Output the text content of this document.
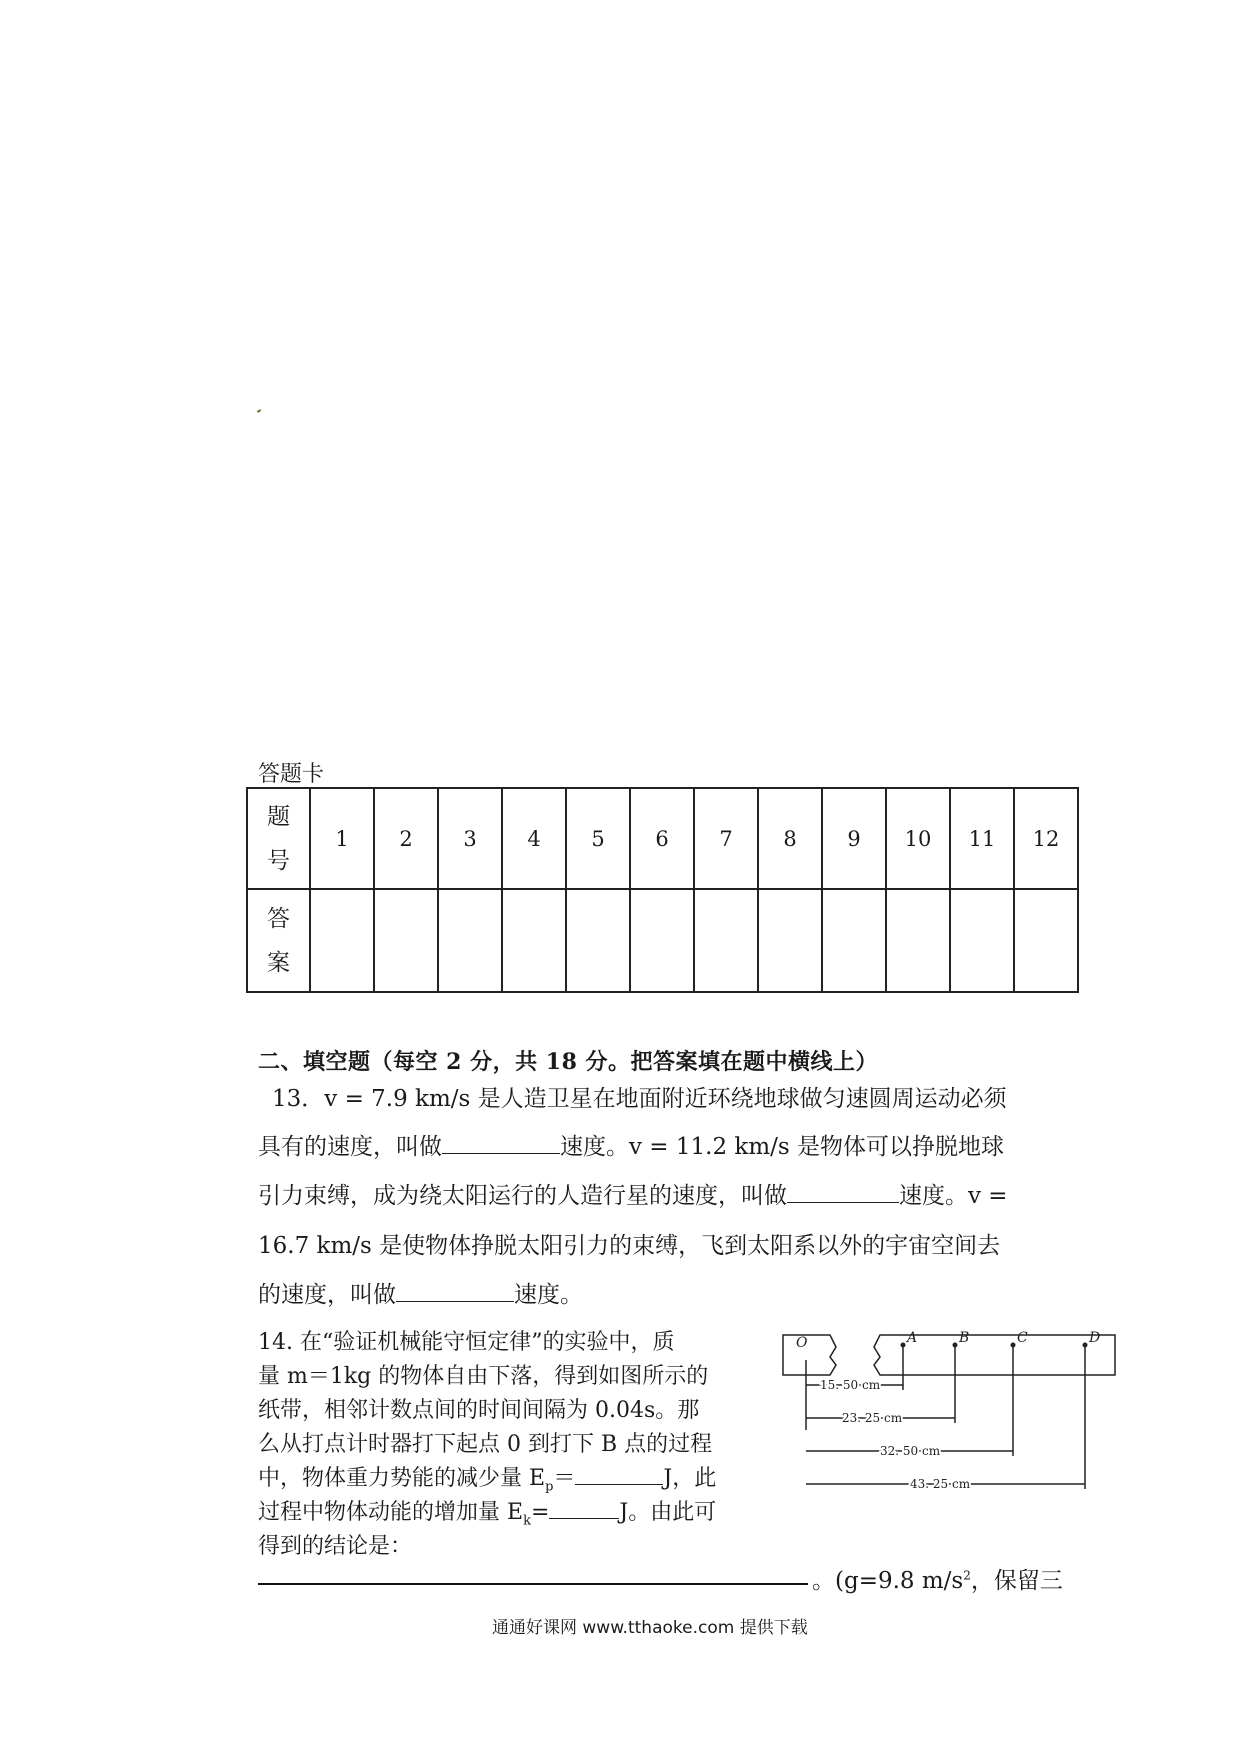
答题卡
题
号	1	2	3	4	5	6	7	8	9	10	11	12

答
案												

二、填空题（每空 2 分，共 18 分。把答案填在题中横线上）
13．v = 7.9 km/s 是人造卫星在地面附近环绕地球做匀速圆周运动必须
具有的速度，叫做	速度。v = 11.2 km/s 是物体可以挣脱地球
引力束缚，成为绕太阳运行的人造行星的速度，叫做	速度。v =
16.7 km/s 是使物体挣脱太阳引力的束缚，飞到太阳系以外的宇宙空间去
的速度，叫做	速度。
14. 在“验证机械能守恒定律”的实验中，质
量 m＝1kg 的物体自由下落，得到如图所示的
纸带，相邻计数点间的时间间隔为 0.04s。那
么从打点计时器打下起点 0 到打下 B 点的过程
中，物体重力势能的减少量 $E_p=$	J，此
过程中物体动能的增加量 $E_k=$	J。由此可
得到的结论是：
。(g=9.8 $m/s^2$，保留三
O	A	B	C	D
15. 50 cm
23. 25 cm
32. 50 cm
43. 25 cm
通通好课网 www.tthaoke.com 提供下载
